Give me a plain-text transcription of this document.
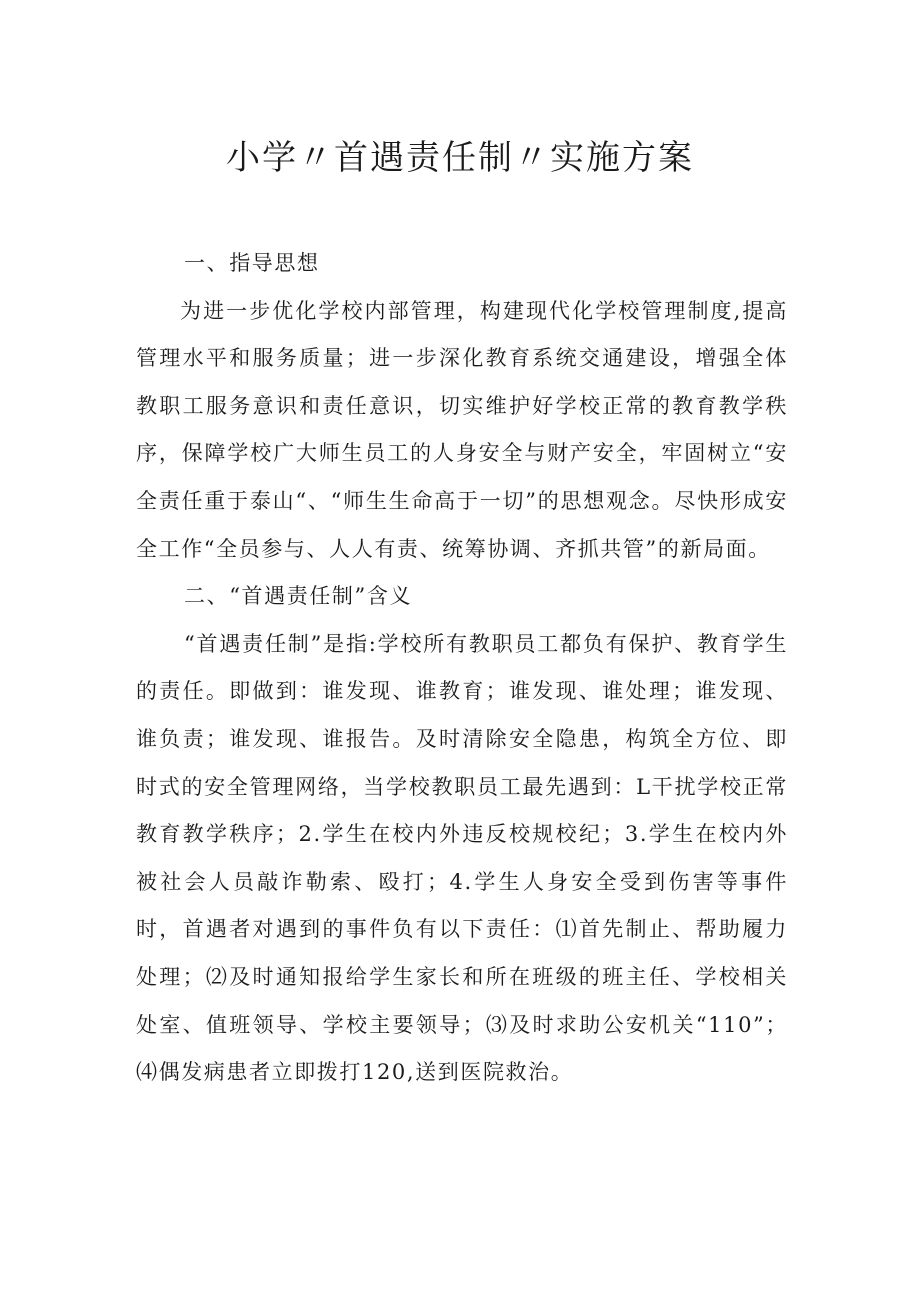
小学〃首遇责任制〃实施方案

一、指导思想

为进一步优化学校内部管理，构建现代化学校管理制度,提高管理水平和服务质量；进一步深化教育系统交通建设，增强全体教职工服务意识和责任意识，切实维护好学校正常的教育教学秩序，保障学校广大师生员工的人身安全与财产安全，牢固树立“安全责任重于泰山“、“师生生命高于一切”的思想观念。尽快形成安全工作“全员参与、人人有责、统筹协调、齐抓共管”的新局面。

二、“首遇责任制”含义

“首遇责任制”是指:学校所有教职员工都负有保护、教育学生的责任。即做到：谁发现、谁教育；谁发现、谁处理；谁发现、谁负责；谁发现、谁报告。及时清除安全隐患，构筑全方位、即时式的安全管理网络，当学校教职员工最先遇到：L干扰学校正常教育教学秩序；2.学生在校内外违反校规校纪；3.学生在校内外被社会人员敲诈勒索、殴打；4.学生人身安全受到伤害等事件时，首遇者对遇到的事件负有以下责任：⑴首先制止、帮助履力处理；⑵及时通知报给学生家长和所在班级的班主任、学校相关处室、值班领导、学校主要领导；⑶及时求助公安机关“110”；⑷偶发病患者立即拨打120,送到医院救治。
